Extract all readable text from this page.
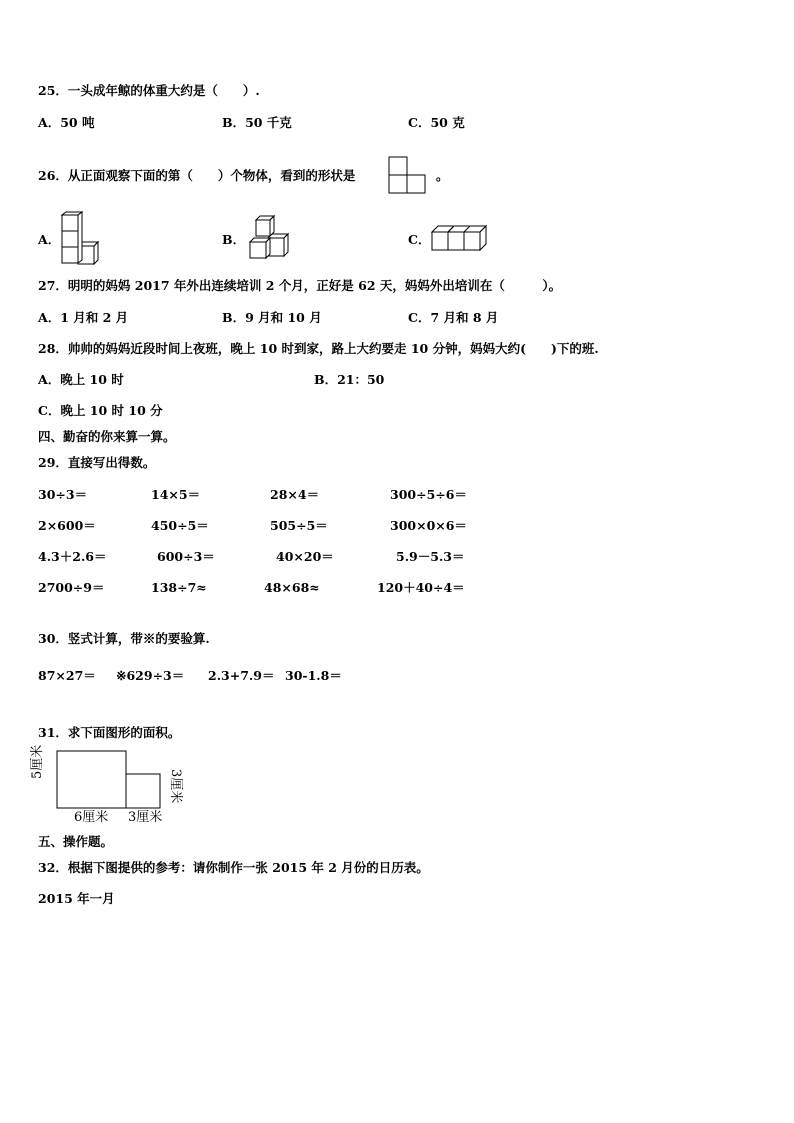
25．一头成年鲸的体重大约是（　　）.
A．50 吨	B．50 千克	C．50 克
26．从正面观察下面的第（　　）个物体，看到的形状是	。
A．	B．	C．
27．明明的妈妈 2017 年外出连续培训 2 个月，正好是 62 天，妈妈外出培训在（　　　）。
A．1 月和 2 月	B．9 月和 10 月	C．7 月和 8 月
28．帅帅的妈妈近段时间上夜班，晚上 10 时到家，路上大约要走 10 分钟，妈妈大约(　　)下的班.
A．晚上 10 时	B．21：50
C．晚上 10 时 10 分
四、勤奋的你来算一算。
29．直接写出得数。
30÷3＝	14×5＝	28×4＝	300÷5÷6＝
2×600＝	450÷5＝	505÷5＝	300×0×6＝
4.3＋2.6＝	600÷3＝	40×20＝	5.9－5.3＝
2700÷9＝	138÷7≈	48×68≈	120＋40÷4＝
30．竖式计算，带※的要验算.
87×27＝ ※629÷3＝ 2.3+7.9＝ 30-1.8＝
31．求下面图形的面积。
5厘米
6厘米 3厘米
3厘米
五、操作题。
32．根据下图提供的参考：请你制作一张 2015 年 2 月份的日历表。
2015 年一月
